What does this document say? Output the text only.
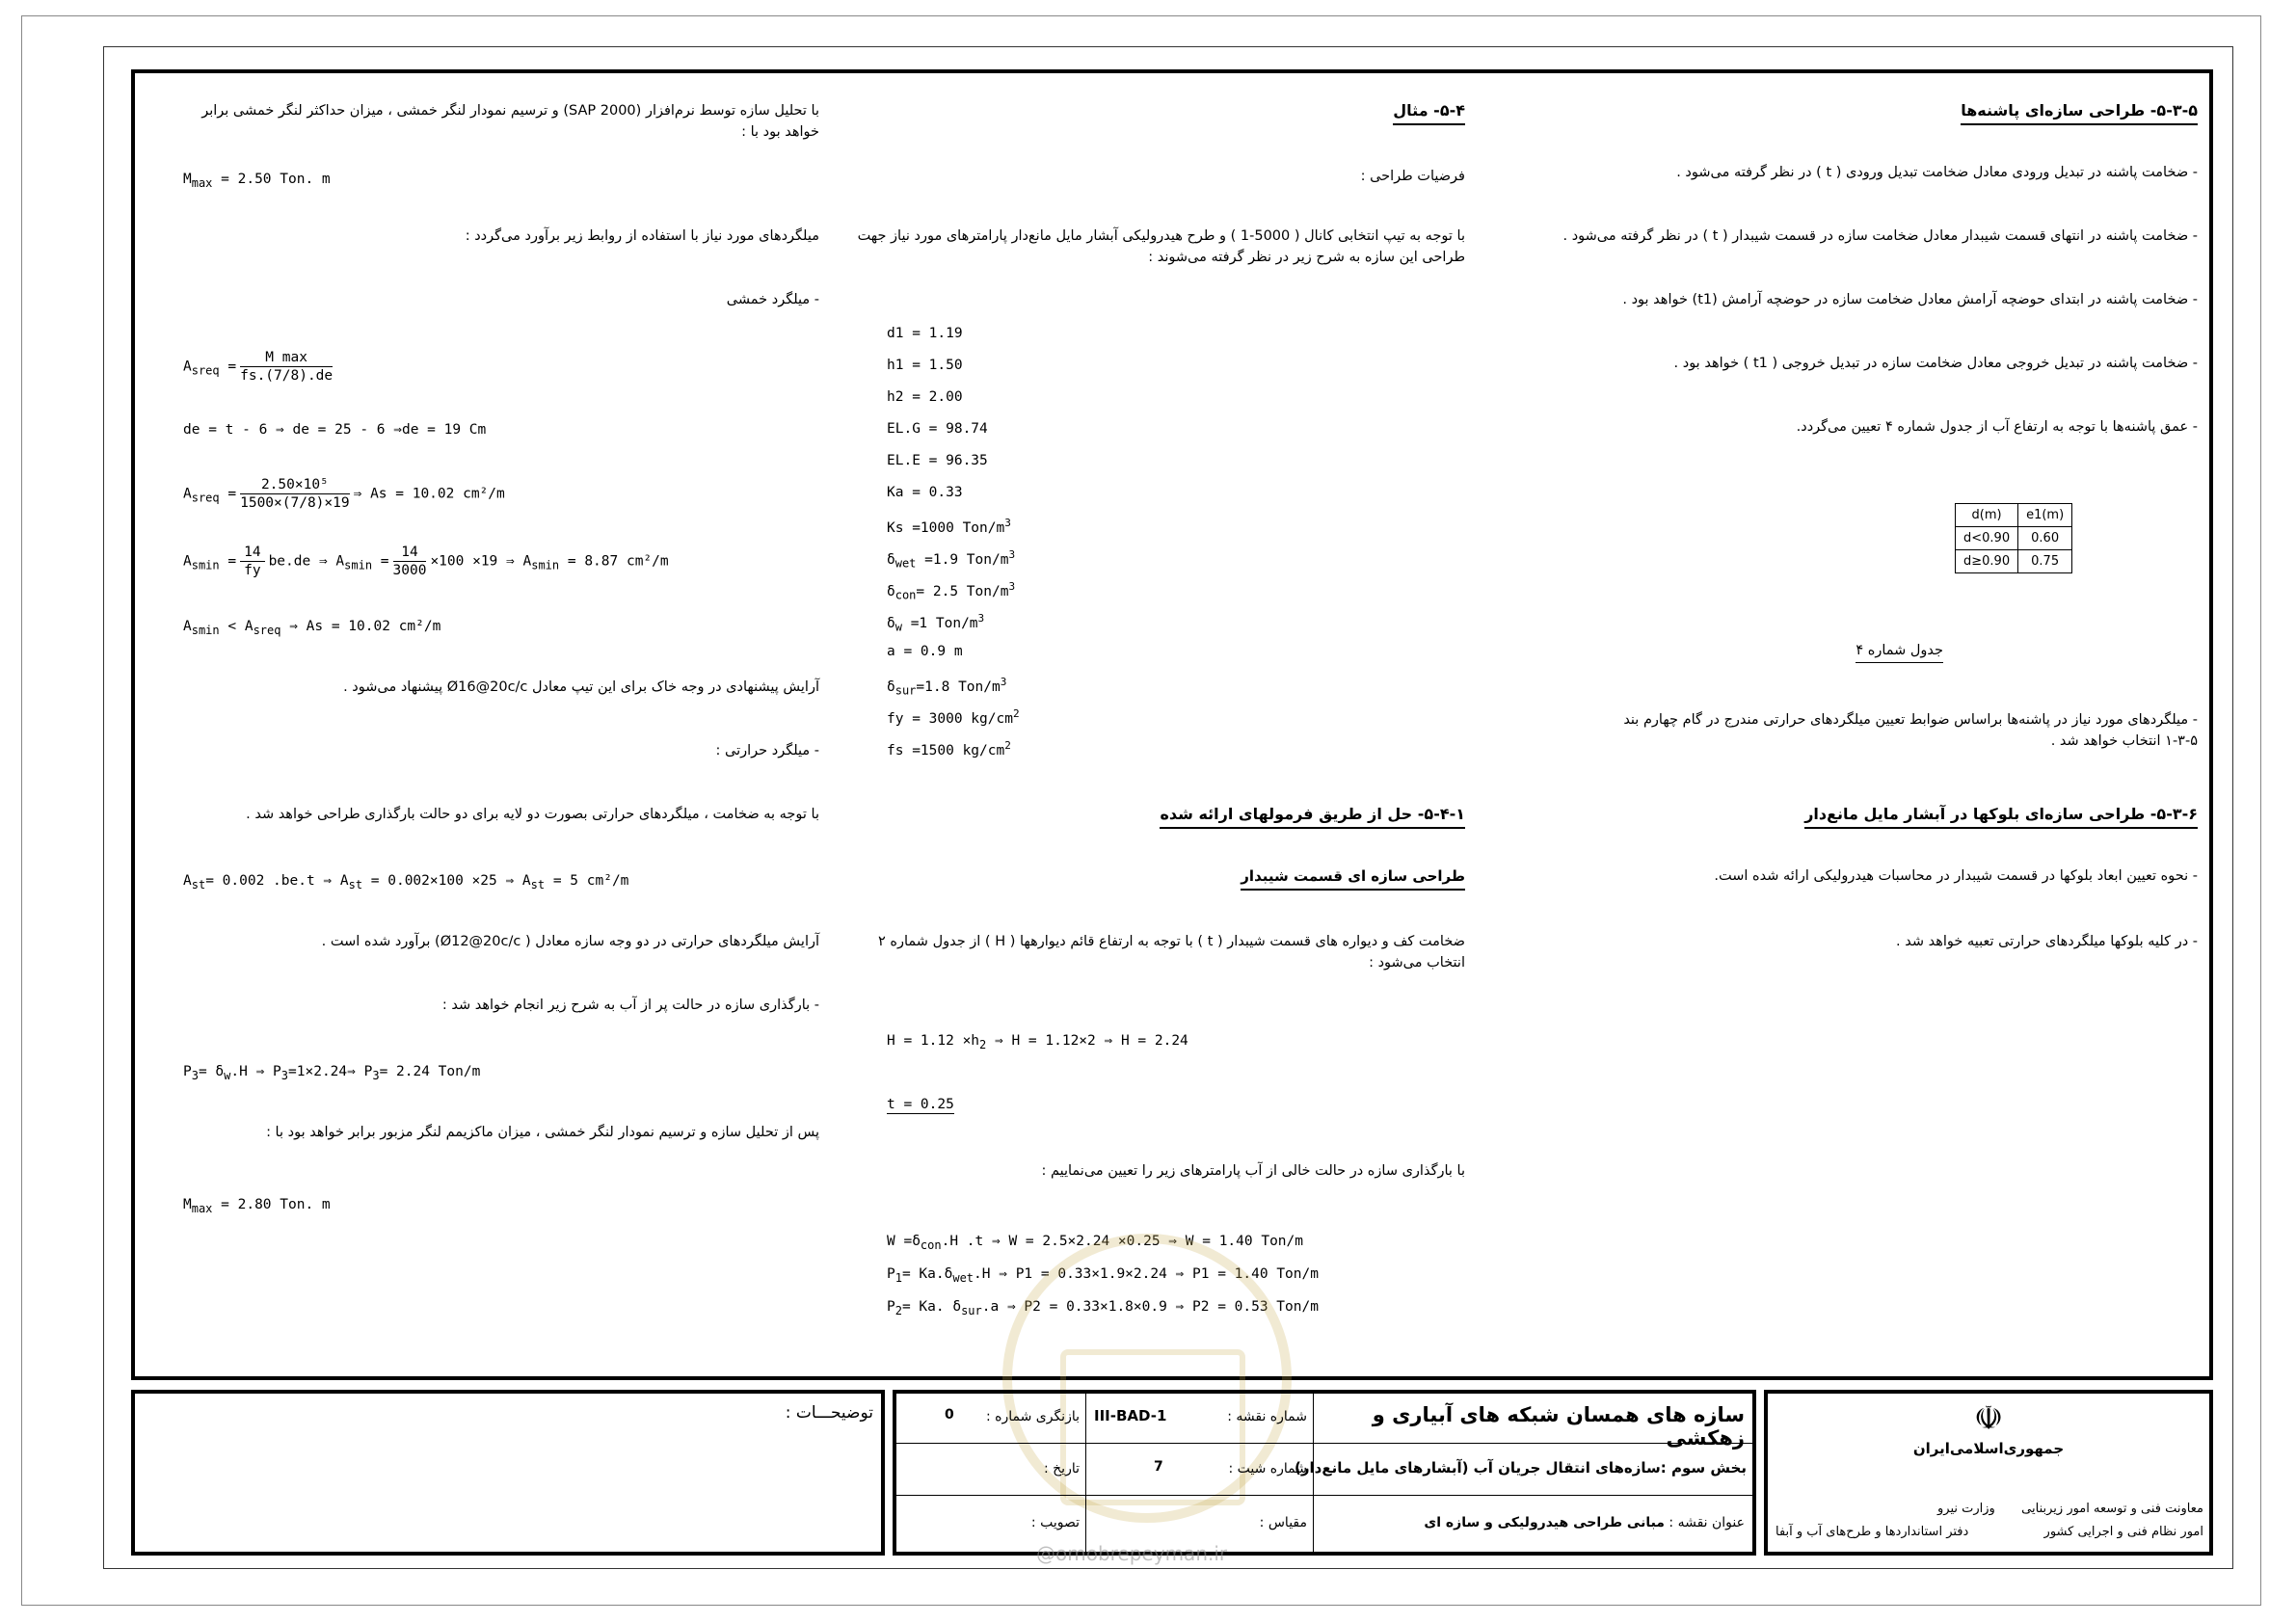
۵-۳-۵- طراحی سازه‌ای پاشنه‌ها
- ضخامت پاشنه در تبدیل ورودی معادل ضخامت تبدیل ورودی ( t ) در نظر گرفته می‌شود .
- ضخامت پاشنه در انتهای قسمت شیبدار معادل ضخامت سازه در قسمت شیبدار ( t ) در نظر گرفته می‌شود .
- ضخامت پاشنه در ابتدای حوضچه آرامش معادل ضخامت سازه در حوضچه آرامش (t1) خواهد بود .
- ضخامت پاشنه در تبدیل خروجی معادل ضخامت سازه در تبدیل خروجی ( t1 ) خواهد بود .
- عمق پاشنه‌ها با توجه به ارتفاع آب از جدول شماره ۴ تعیین می‌گردد.
d(m)	e1(m)
d<0.90	0.60
d≥0.90	0.75
جدول شماره ۴
- میلگردهای مورد نیاز در پاشنه‌ها براساس ضوابط تعیین میلگردهای حرارتی مندرج در گام چهارم بند ۵-۳-۱ انتخاب خواهد شد .
۵-۳-۶- طراحی سازه‌ای بلوکها در آبشار مایل مانع‌دار
- نحوه تعیین ابعاد بلوکها در قسمت شیبدار در محاسبات هیدرولیکی ارائه شده است.
- در کلیه بلوکها میلگردهای حرارتی تعبیه خواهد شد .
۵-۴- مثال
فرضیات طراحی :
با توجه به تیپ انتخابی کانال ( 5000-1 ) و طرح هیدرولیکی آبشار مایل مانع‌دار پارامترهای مورد نیاز جهت طراحی این سازه به شرح زیر در نظر گرفته می‌شوند :
d1 = 1.19
h1 = 1.50
h2 = 2.00
EL.G = 98.74
EL.E = 96.35
Ka = 0.33
Ks =1000 Ton/$m^3$
$\delta_{wet} =1.9$ Ton/$m^3$
$\delta_{con}= 2.5$ Ton/$m^3$
$\delta_w =1$ Ton/$m^3$
a = 0.9 m
$\delta_{sur}=1.8$ Ton/$m^3$
fy = 3000 $kg/cm^2$
fs =1500 $kg/cm^2$
۵-۴-۱- حل از طریق فرمولهای ارائه شده
طراحی سازه ای قسمت شیبدار
ضخامت کف و دیواره های قسمت شیبدار ( t ) با توجه به ارتفاع قائم دیوارهها ( H ) از جدول شماره ۲ انتخاب می‌شود :
$H = 1.12 \times h_2$ ⇒ H = 1.12×2 ⇒ H = 2.24
t = 0.25
با بارگذاری سازه در حالت خالی از آب پارامترهای زیر را تعیین می‌نماییم :
$W =\delta_{con}.H$ .t ⇒ W = 2.5×2.24 ×0.25 ⇒ W = 1.40 Ton/m
$P_1= Ka.\delta_{wet}.H$ ⇒ P1 = 0.33×1.9×2.24 ⇒ P1 = 1.40 Ton/m
$P_2= Ka$. $\delta_{sur}.a$ ⇒ P2 = 0.33×1.8×0.9 ⇒ P2 = 0.53 Ton/m
با تحلیل سازه توسط نرم‌افزار (SAP 2000) و ترسیم نمودار لنگر خمشی ، میزان حداکثر لنگر خمشی برابر خواهد بود با :
$M_{max} = 2.50$ Ton. m
میلگردهای مورد نیاز با استفاده از روابط زیر برآورد می‌گردد :
- میلگرد خمشی
$A_{sreq} = \frac{\text{M max}}{fs.(7/8).de}$
de = t - 6 ⇒ de = 25 - 6 ⇒de = 19 Cm
$A_{sreq} = \frac{\text{2.50×10⁵}}{1500\times(7/8)\times 19}$ ⇒ As = 10.02 cm²/m
$A_{smin} = \frac{14}{fy} be.de$ ⇒ $A_{smin} = \frac{14}{3000} \times 100 \times 19$ ⇒ $A_{smin} = 8.87$ cm²/m
$A_{smin} < A_{sreq}$ ⇒ As = 10.02 cm²/m
آرایش پیشنهادی در وجه خاک برای این تیپ معادل Ø16@20c/c پیشنهاد می‌شود .
- میلگرد حرارتی :
با توجه به ضخامت ، میلگردهای حرارتی بصورت دو لایه برای دو حالت بارگذاری طراحی خواهد شد .
$A_{st}= 0.002$ .be.t ⇒ $A_{st} = 0.002\times 100 \times 25$ ⇒ $A_{st} = 5$ cm²/m
آرایش میلگردهای حرارتی در دو وجه سازه معادل ( Ø12@20c/c) برآورد شده است .
- بارگذاری سازه در حالت پر از آب به شرح زیر انجام خواهد شد :
$P_3= \delta_w.H$ ⇒ $P_3=1\times 2.24\Rightarrow$ $P_3= 2.24$ Ton/m
پس از تحلیل سازه و ترسیم نمودار لنگر خمشی ، میزان ماکزیمم لنگر مزبور برابر خواهد بود با :
$M_{max} = 2.80$ Ton. m
☫
جمهوری‌اسلامی‌ایران
معاونت فنی و توسعه امور زیربنایی
وزارت نیرو
امور نظام فنی و اجرایی کشور
دفتر استانداردها و طرح‌های آب و آبفا
سازه های همسان شبکه های آبیاری و زهکشی
بخش سوم :سازه‌های انتقال جریان آب (آبشارهای مایل مانع‌دار)
عنوان نقشه : مبانی طراحی هیدرولیکی و سازه ای
شماره نقشه :
III-BAD-1
شماره شیت :
7
مقیاس :
بازنگری شماره :
0
تاریخ :
تصویب :
توضیحـــات :
@omobrepeyman.ir
